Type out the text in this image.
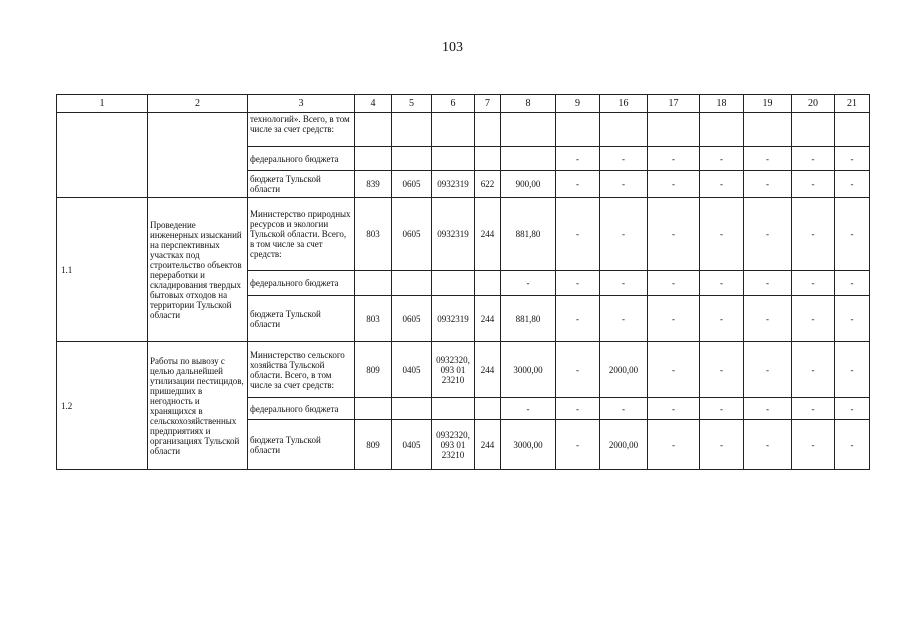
103
1	2	3	4	5	6	7	8	9	16	17	18	19	20	21
		технологий». Всего, в том числе за счет средств:												
		федерального бюджета						-	-	-	-	-	-	-
		бюджета Тульской области	839	0605	0932319	622	900,00	-	-	-	-	-	-	-
1.1	Проведение инженерных изысканий на перспективных участках под строительство объектов переработки и складирования твердых бытовых отходов на территории Тульской области	Министерство природных ресурсов и экологии Тульской области. Всего, в том числе за счет средств:	803	0605	0932319	244	881,80	-	-	-	-	-	-	-
		федерального бюджета					-	-	-	-	-	-	-	-
		бюджета Тульской области	803	0605	0932319	244	881,80	-	-	-	-	-	-	-
1.2	Работы по вывозу с целью дальнейшей утилизации пестицидов, пришедших в негодность и хранящихся в сельскохозяйственных предприятиях и организациях Тульской области	Министерство сельского хозяйства Тульской области. Всего, в том числе за счет средств:	809	0405	0932320, 093 01 23210	244	3000,00	-	2000,00	-	-	-	-	-
		федерального бюджета					-	-	-	-	-	-	-	-
		бюджета Тульской области	809	0405	0932320, 093 01 23210	244	3000,00	-	2000,00	-	-	-	-	-
